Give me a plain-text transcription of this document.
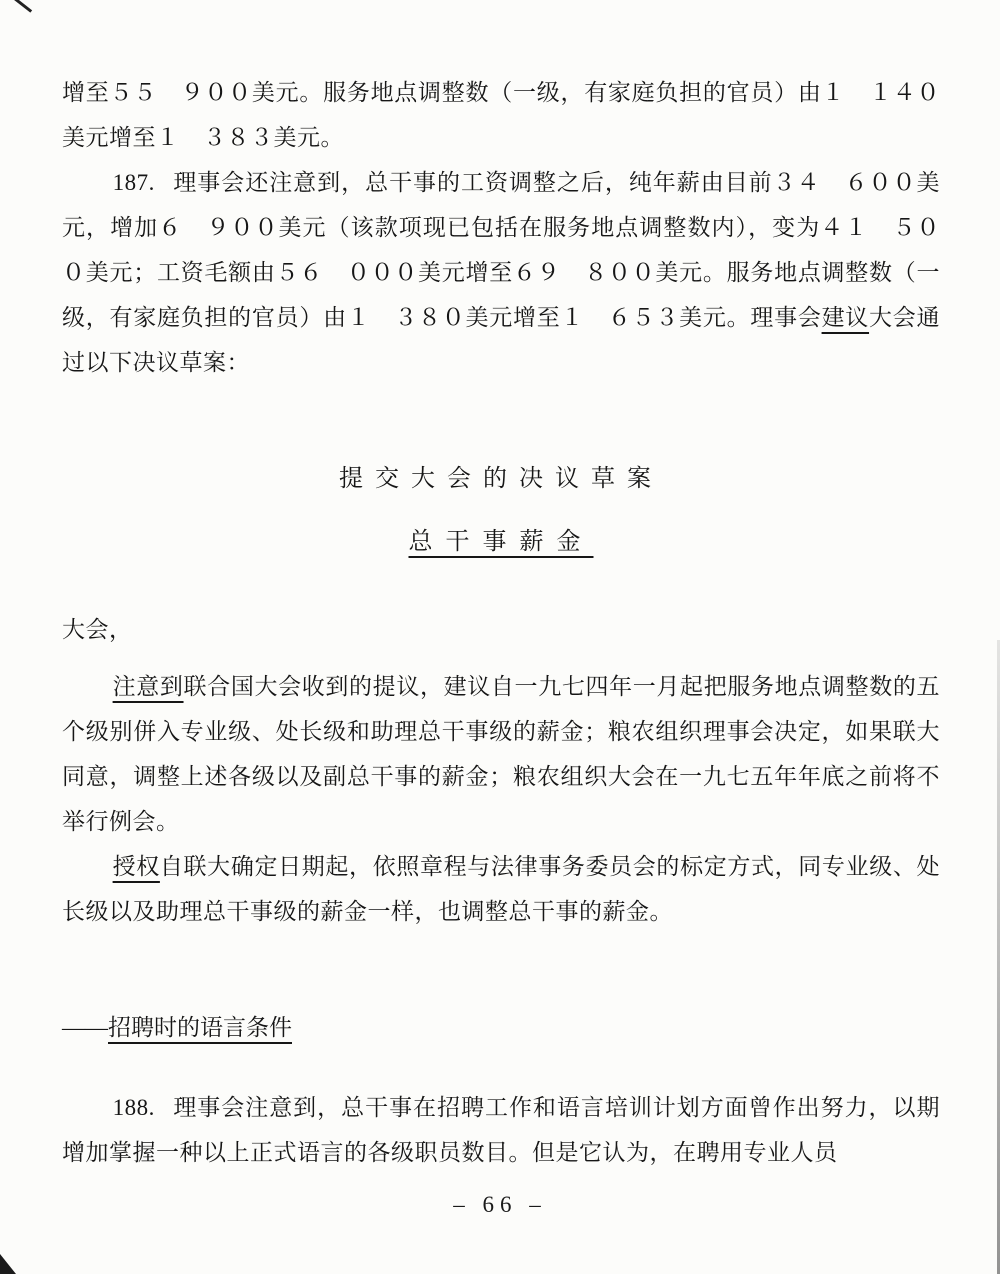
增至５５　９００美元。服务地点调整数（一级，有家庭负担的官员）由１　１４０美元增至１　３８３美元。

187. 理事会还注意到，总干事的工资调整之后，纯年薪由目前３４　６００美元，增加６　９００美元（该款项现已包括在服务地点调整数内），变为４１　５００美元；工资毛额由５６　０００美元增至６９　８００美元。服务地点调整数（一级，有家庭负担的官员）由１　３８０美元增至１　６５３美元。理事会建议大会通过以下决议草案：

提交大会的决议草案
总干事薪金

大会，

注意到联合国大会收到的提议，建议自一九七四年一月起把服务地点调整数的五个级别併入专业级、处长级和助理总干事级的薪金；粮农组织理事会决定，如果联大同意，调整上述各级以及副总干事的薪金；粮农组织大会在一九七五年年底之前将不举行例会。

授权自联大确定日期起，依照章程与法律事务委员会的标定方式，同专业级、处长级以及助理总干事级的薪金一样，也调整总干事的薪金。

——招聘时的语言条件

188. 理事会注意到，总干事在招聘工作和语言培训计划方面曾作出努力，以期增加掌握一种以上正式语言的各级职员数目。但是它认为，在聘用专业人员

– 66 –
